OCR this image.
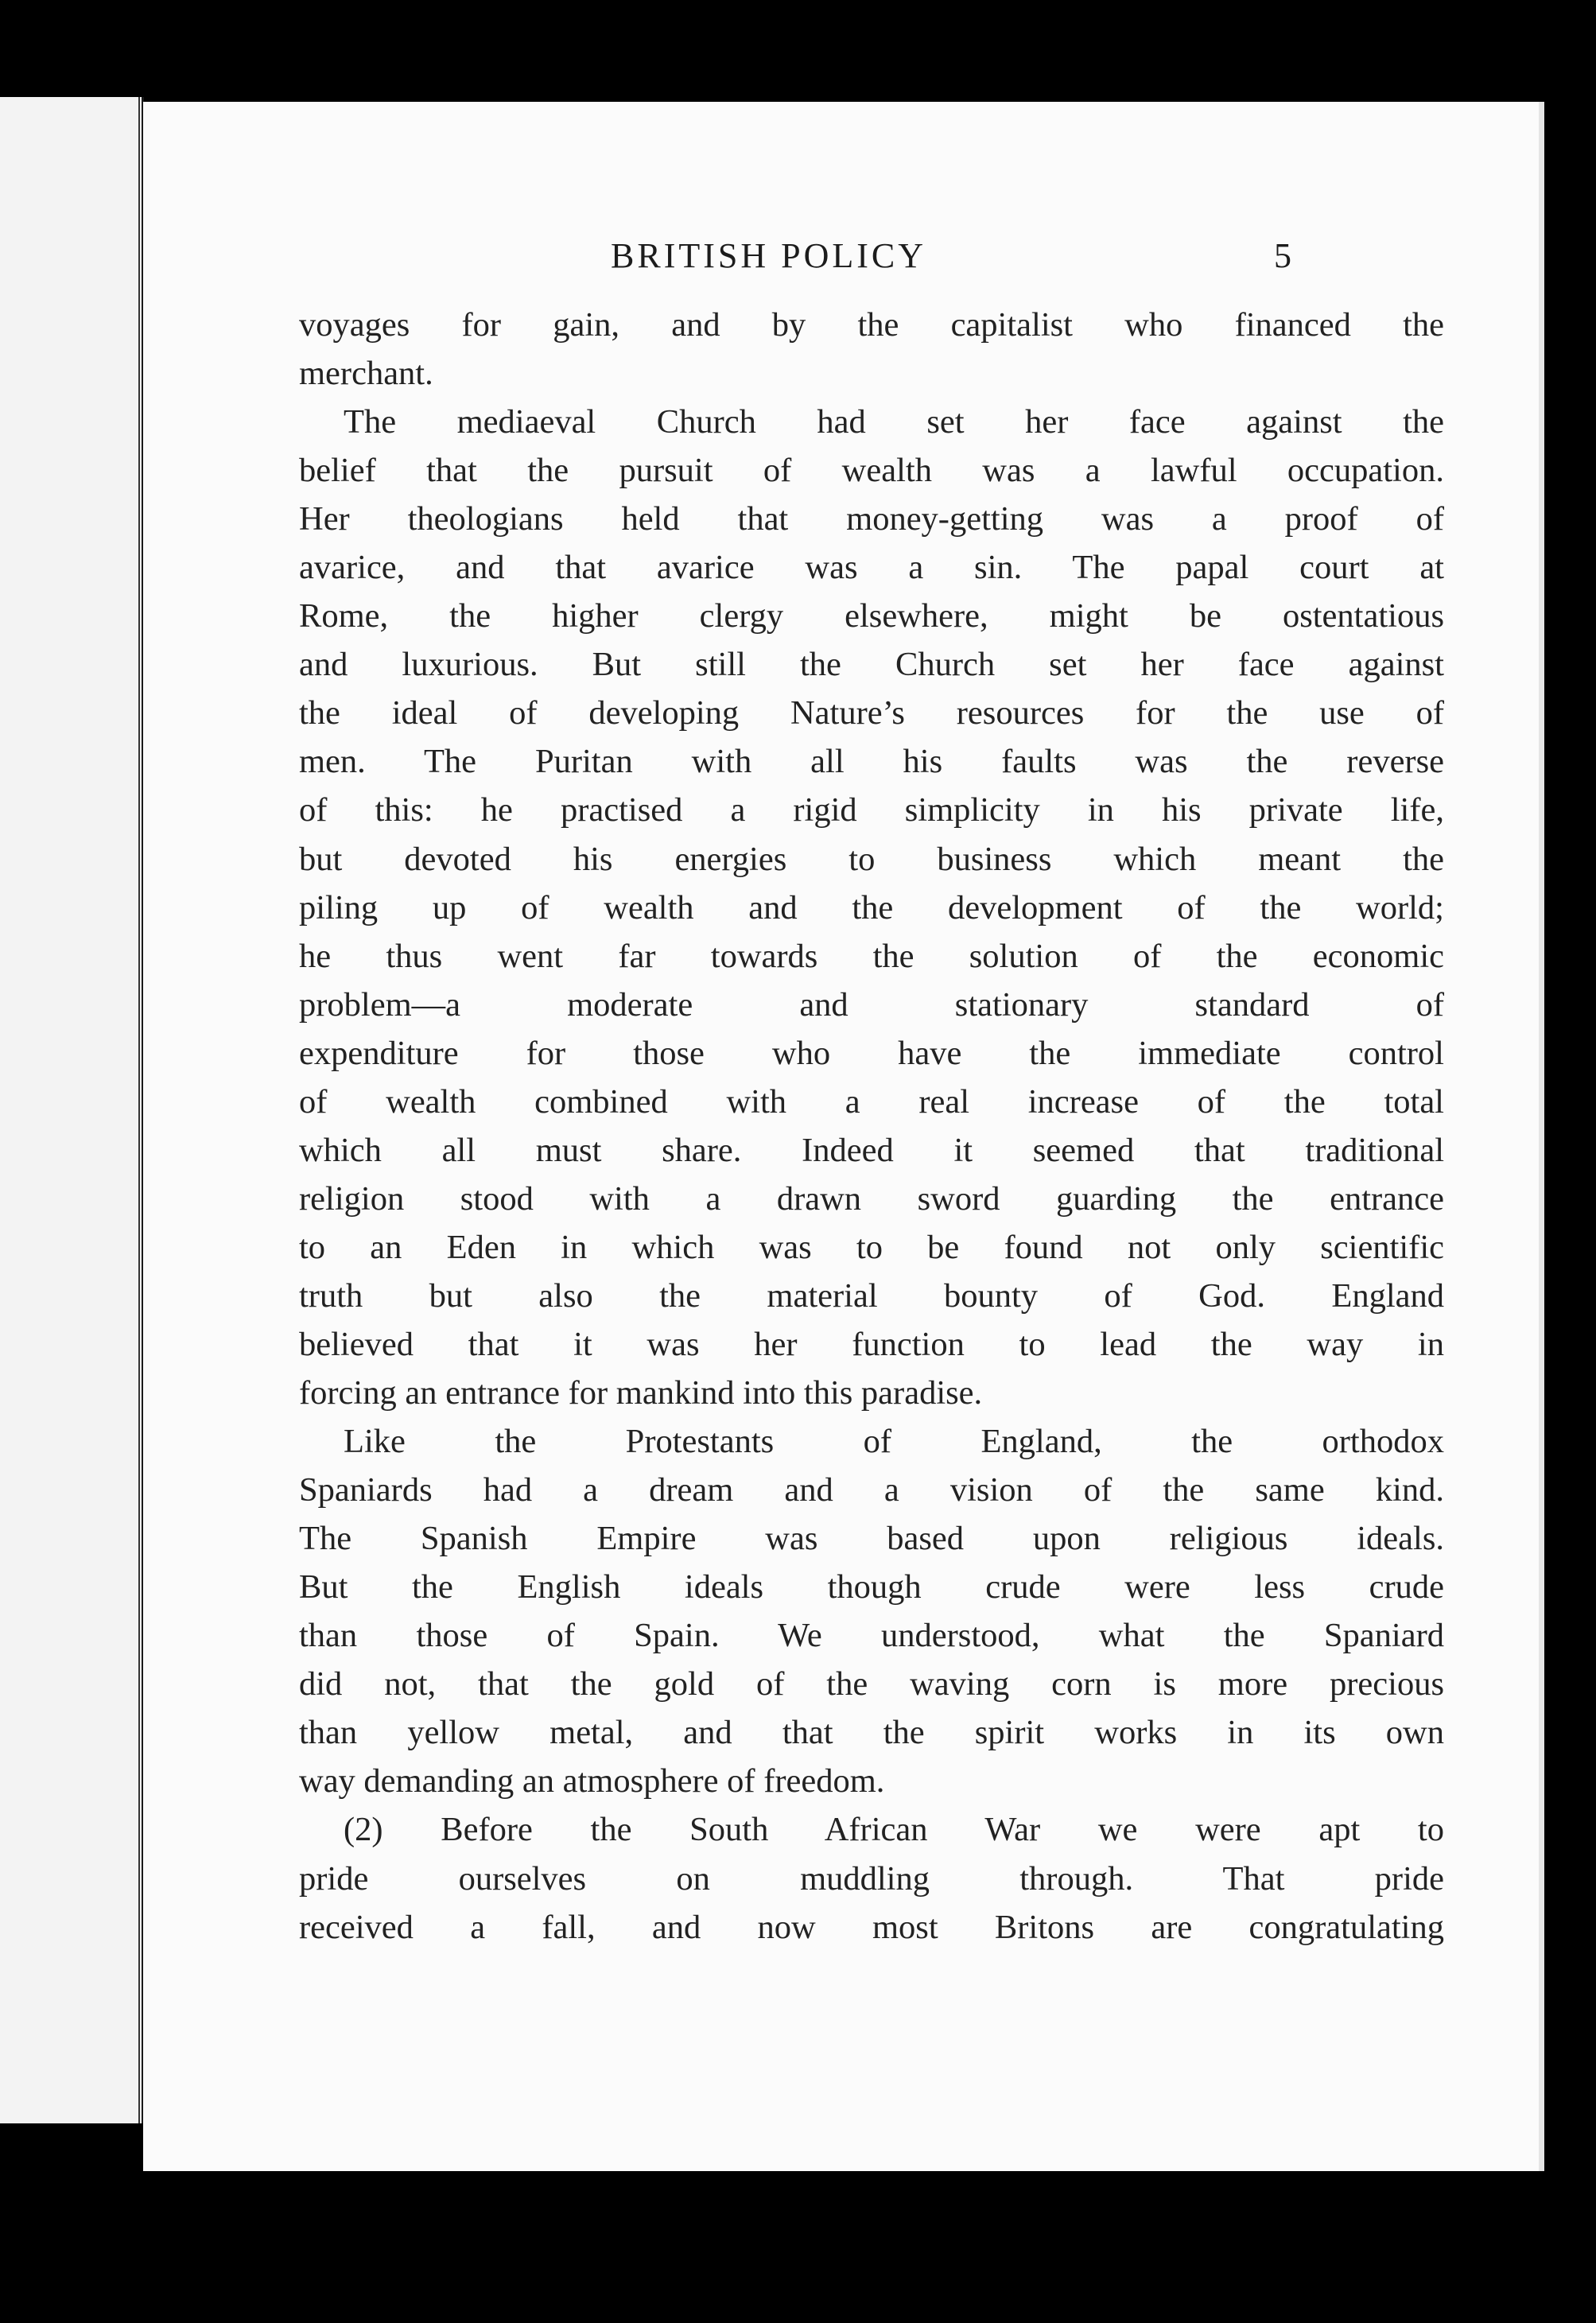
BRITISH POLICY	5
voyages for gain, and by the capitalist who financed the
merchant.
The mediaeval Church had set her face against the
belief that the pursuit of wealth was a lawful occupation.
Her theologians held that money-getting was a proof of
avarice, and that avarice was a sin. The papal court at
Rome, the higher clergy elsewhere, might be ostentatious
and luxurious. But still the Church set her face against
the ideal of developing Nature’s resources for the use of
men. The Puritan with all his faults was the reverse
of this: he practised a rigid simplicity in his private life,
but devoted his energies to business which meant the
piling up of wealth and the development of the world;
he thus went far towards the solution of the economic
problem—a moderate and stationary standard of
expenditure for those who have the immediate control
of wealth combined with a real increase of the total
which all must share. Indeed it seemed that traditional
religion stood with a drawn sword guarding the entrance
to an Eden in which was to be found not only scientific
truth but also the material bounty of God. England
believed that it was her function to lead the way in
forcing an entrance for mankind into this paradise.
Like the Protestants of England, the orthodox
Spaniards had a dream and a vision of the same kind.
The Spanish Empire was based upon religious ideals.
But the English ideals though crude were less crude
than those of Spain. We understood, what the Spaniard
did not, that the gold of the waving corn is more precious
than yellow metal, and that the spirit works in its own
way demanding an atmosphere of freedom.
(2) Before the South African War we were apt to
pride ourselves on muddling through. That pride
received a fall, and now most Britons are congratulating
